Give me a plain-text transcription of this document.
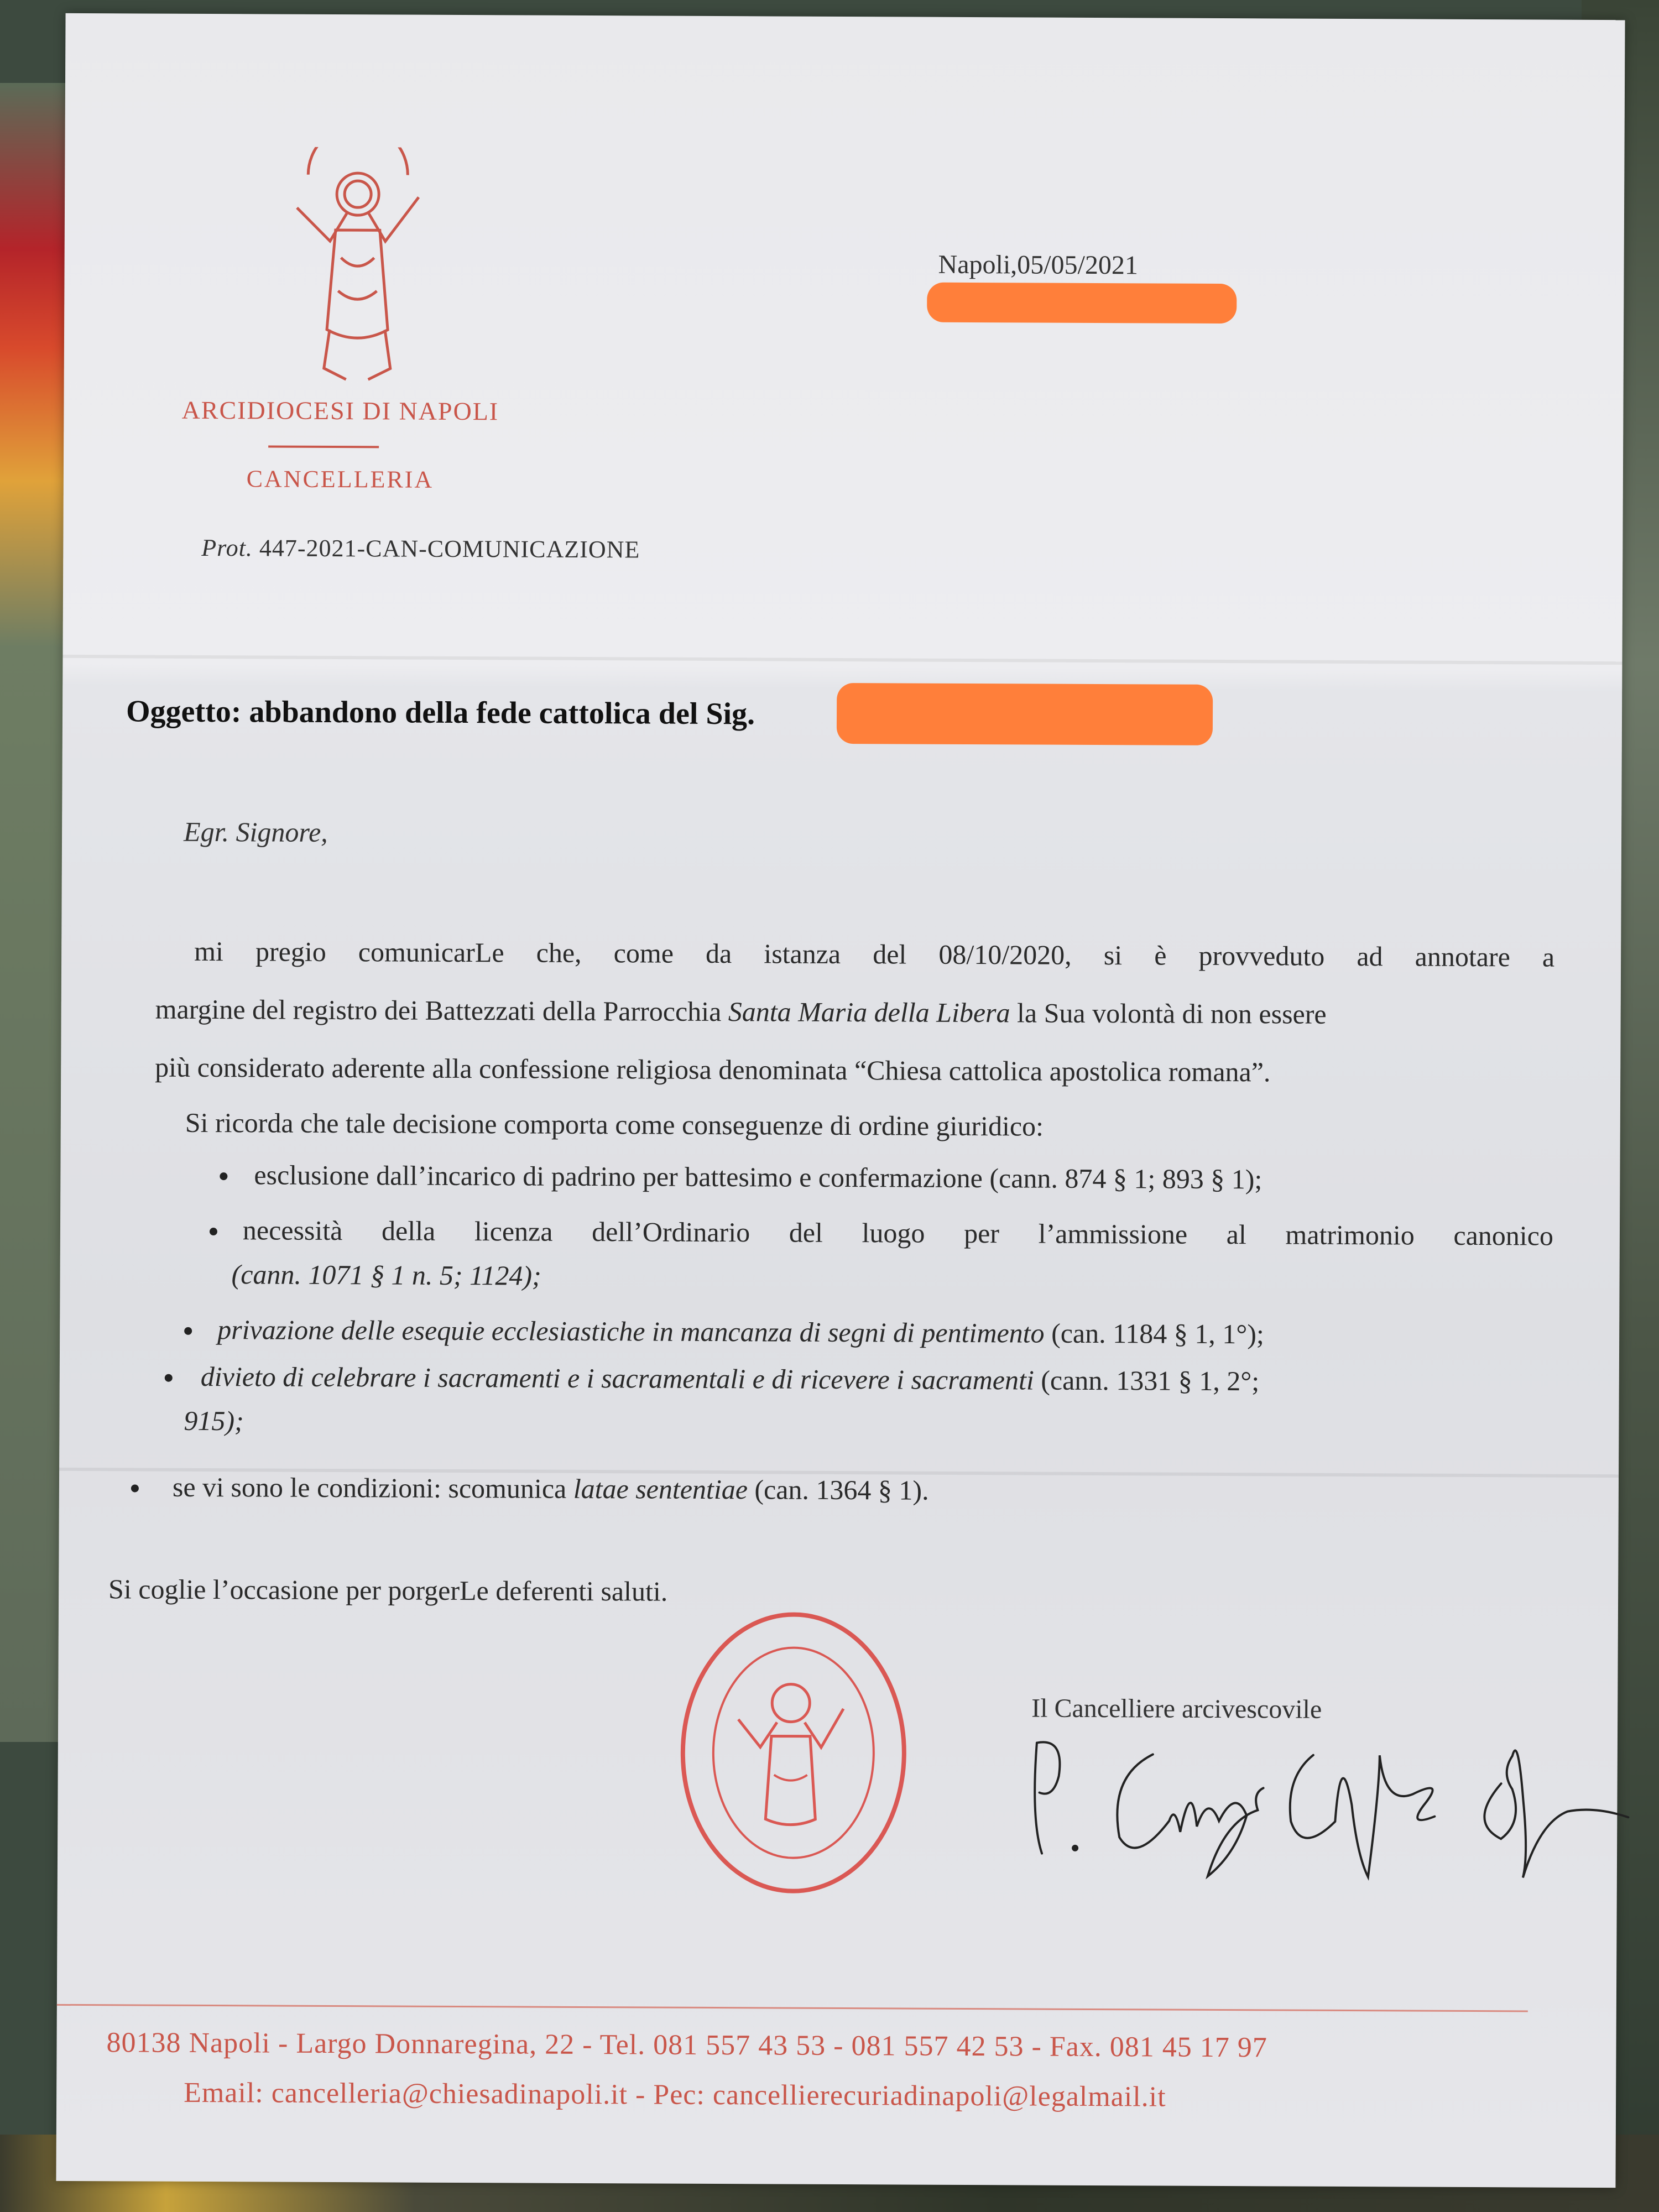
ARCIDIOCESI DI NAPOLI
CANCELLERIA
Prot. 447-2021-CAN-COMUNICAZIONE
Napoli,05/05/2021
Oggetto: abbandono della fede cattolica del Sig.
Egr. Signore,
mi pregio comunicarLe che, come da istanza del 08/10/2020, si è provveduto ad annotare a
margine del registro dei Battezzati della Parrocchia Santa Maria della Libera la Sua volontà di non essere
più considerato aderente alla confessione religiosa denominata “Chiesa cattolica apostolica romana”.
Si ricorda che tale decisione comporta come conseguenze di ordine giuridico:
esclusione dall’incarico di padrino per battesimo e confermazione (cann. 874 § 1; 893 § 1);
necessità della licenza dell’Ordinario del luogo per l’ammissione al matrimonio canonico
(cann. 1071 § 1 n. 5; 1124);
privazione delle esequie ecclesiastiche in mancanza di segni di pentimento (can. 1184 § 1, 1°);
divieto di celebrare i sacramenti e i sacramentali e di ricevere i sacramenti (cann. 1331 § 1, 2°;
915);
se vi sono le condizioni: scomunica latae sententiae (can. 1364 § 1).
Si coglie l’occasione per porgerLe deferenti saluti.
Il Cancelliere arcivescovile
80138 Napoli - Largo Donnaregina, 22 - Tel. 081 557 43 53 - 081 557 42 53 - Fax. 081 45 17 97
Email: cancelleria@chiesadinapoli.it - Pec: cancellierecuriadinapoli@legalmail.it
